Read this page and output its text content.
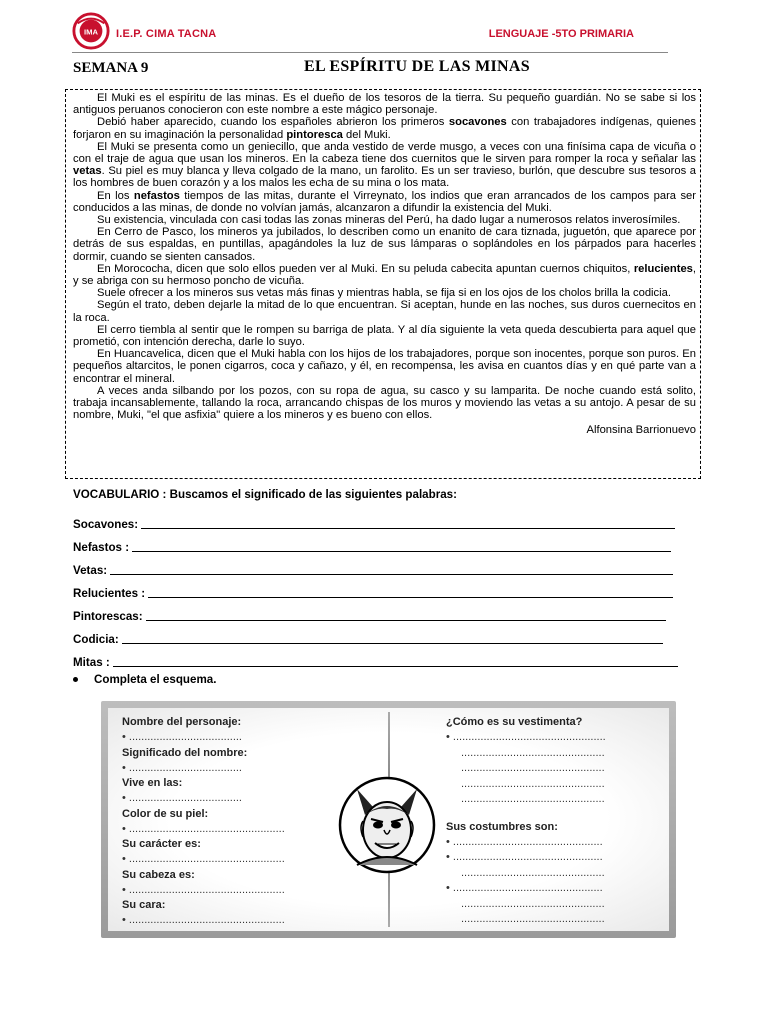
IMA I.E.P. CIMA TACNA	LENGUAJE -5TO PRIMARIA
SEMANA 9	EL ESPÍRITU DE LAS MINAS

El Muki es el espíritu de las minas. Es el dueño de los tesoros de la tierra. Su pequeño guardián. No se sabe si los antiguos peruanos conocieron con este nombre a este mágico personaje.

Debió haber aparecido, cuando los españoles abrieron los primeros socavones con trabajadores indígenas, quienes forjaron en su imaginación la personalidad pintoresca del Muki.

El Muki se presenta como un geniecillo, que anda vestido de verde musgo, a veces con una finísima capa de vicuña o con el traje de agua que usan los mineros. En la cabeza tiene dos cuernitos que le sirven para romper la roca y señalar las vetas. Su piel es muy blanca y lleva colgado de la mano, un farolito. Es un ser travieso, burlón, que descubre sus tesoros a los hombres de buen corazón y a los malos les echa de su mina o los mata.

En los nefastos tiempos de las mitas, durante el Virreynato, los indios que eran arrancados de los campos para ser conducidos a las minas, de donde no volvían jamás, alcanzaron a difundir la existencia del Muki.

Su existencia, vinculada con casi todas las zonas mineras del Perú, ha dado lugar a numerosos relatos inverosímiles.

En Cerro de Pasco, los mineros ya jubilados, lo describen como un enanito de cara tiznada, juguetón, que aparece por detrás de sus espaldas, en puntillas, apagándoles la luz de sus lámparas o soplándoles en los párpados para hacerles dormir, cuando se sienten cansados.

En Morococha, dicen que solo ellos pueden ver al Muki. En su peluda cabecita apuntan cuernos chiquitos, relucientes, y se abriga con su hermoso poncho de vicuña.

Suele ofrecer a los mineros sus vetas más finas y mientras habla, se fija si en los ojos de los cholos brilla la codicia.

Según el trato, deben dejarle la mitad de lo que encuentran. Si aceptan, hunde en las noches, sus duros cuernecitos en la roca.

El cerro tiembla al sentir que le rompen su barriga de plata. Y al día siguiente la veta queda descubierta para aquel que prometió, con intención derecha, darle lo suyo.

En Huancavelica, dicen que el Muki habla con los hijos de los trabajadores, porque son inocentes, porque son puros. En pequeños altarcitos, le ponen cigarros, coca y cañazo, y él, en recompensa, les avisa en cuantos días y en qué parte van a encontrar el mineral.

A veces anda silbando por los pozos, con su ropa de agua, su casco y su lamparita. De noche cuando está solito, trabaja incansablemente, tallando la roca, arrancando chispas de los muros y moviendo las vetas a su antojo. A pesar de su nombre, Muki, "el que asfixia" quiere a los mineros y es bueno con ellos.

Alfonsina Barrionuevo

VOCABULARIO : Buscamos el significado de las siguientes palabras:
Socavones:
Nefastos :
Vetas:
Relucientes :
Pintorescas:
Codicia:
Mitas :
Completa el esquema.
Nombre del personaje:
• .....................................
Significado del nombre:
• .....................................
Vive en las:
• .....................................
Color de su piel:
• ...................................................
Su carácter es:
• ...................................................
Su cabeza es:
• ...................................................
Su cara:
• ...................................................
¿Cómo es su vestimenta?
• ..................................................
...............................................
...............................................
...............................................
...............................................
Sus costumbres son:
• .................................................
• .................................................
...............................................
• .................................................
...............................................
...............................................
